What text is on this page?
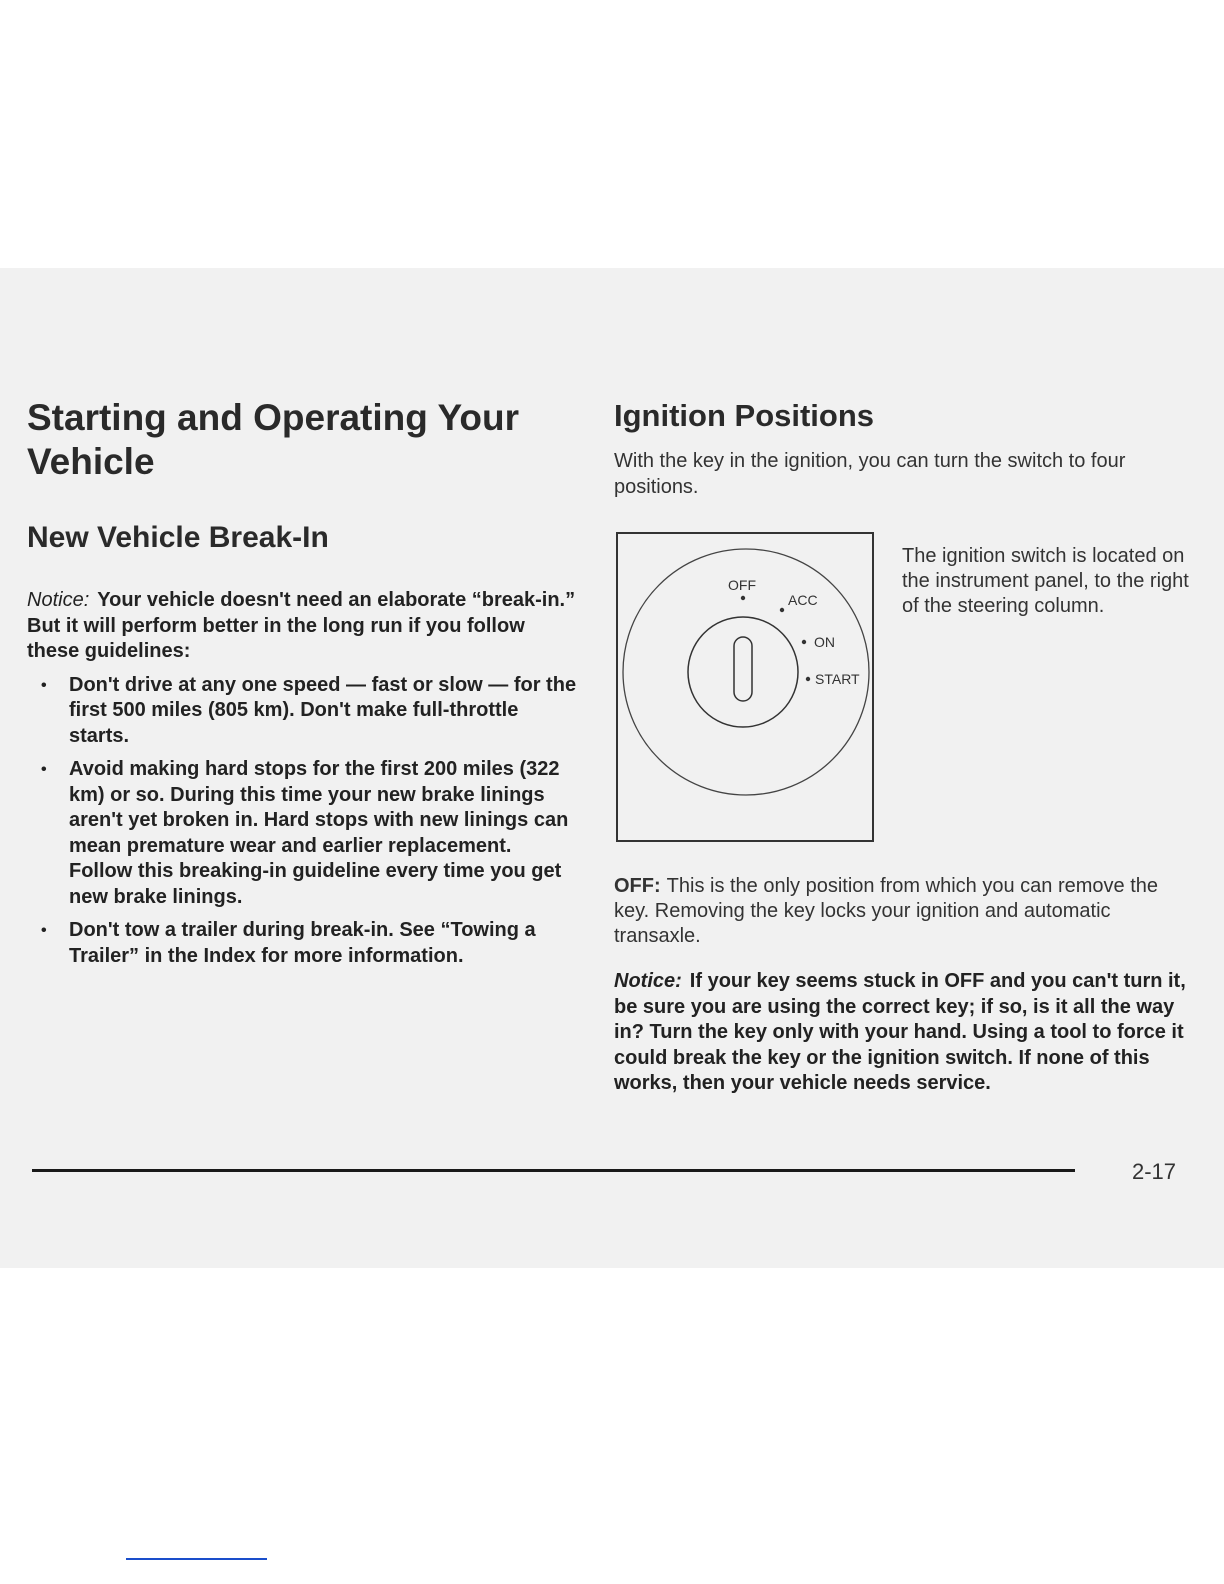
Starting and Operating Your Vehicle
New Vehicle Break-In

Notice: Your vehicle doesn't need an elaborate “break-in.” But it will perform better in the long run if you follow these guidelines:

• Don't drive at any one speed — fast or slow — for the first 500 miles (805 km). Don't make full-throttle starts.
• Avoid making hard stops for the first 200 miles (322 km) or so. During this time your new brake linings aren't yet broken in. Hard stops with new linings can mean premature wear and earlier replacement. Follow this breaking-in guideline every time you get new brake linings.
• Don't tow a trailer during break-in. See “Towing a Trailer” in the Index for more information.
Ignition Positions

With the key in the ignition, you can turn the switch to four positions.

OFF
ACC
ON
START

The ignition switch is located on the instrument panel, to the right of the steering column.

OFF: This is the only position from which you can remove the key. Removing the key locks your ignition and automatic transaxle.

Notice: If your key seems stuck in OFF and you can't turn it, be sure you are using the correct key; if so, is it all the way in? Turn the key only with your hand. Using a tool to force it could break the key or the ignition switch. If none of this works, then your vehicle needs service.

2-17
